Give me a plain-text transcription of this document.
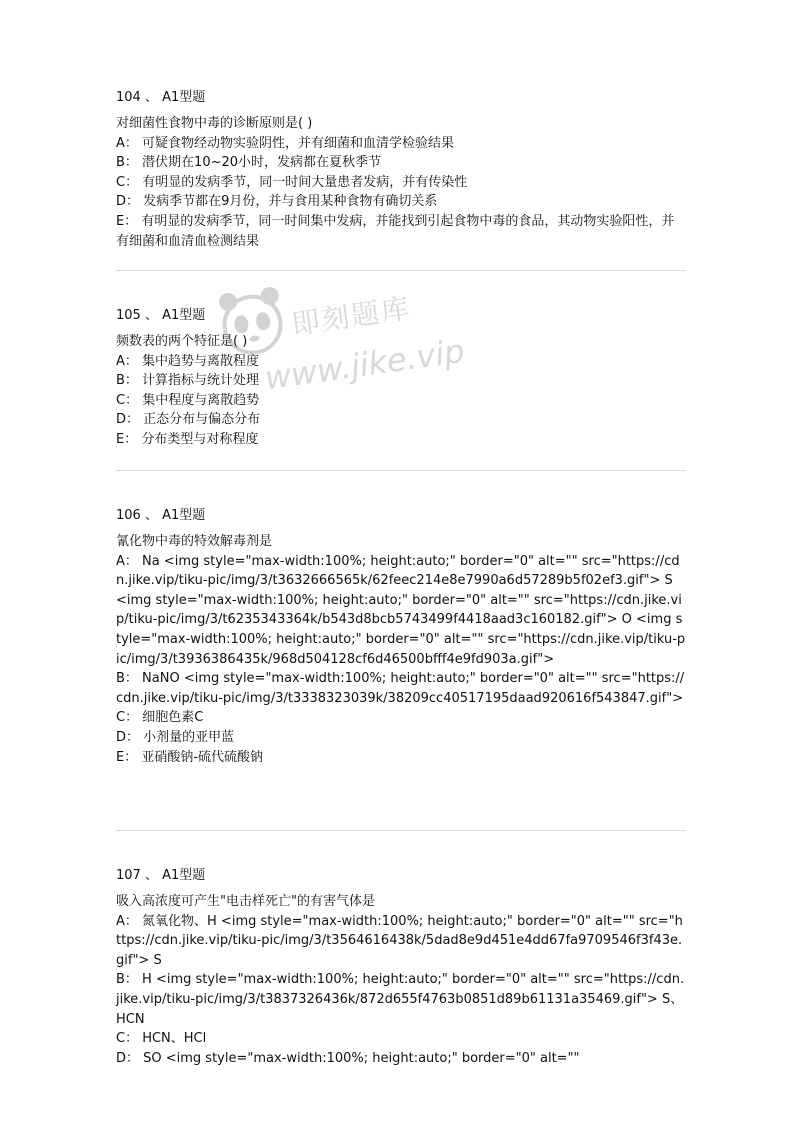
104 、 A1型题

对细菌性食物中毒的诊断原则是( )

A： 可疑食物经动物实验阴性，并有细菌和血清学检验结果

B： 潜伏期在10~20小时，发病都在夏秋季节

C： 有明显的发病季节，同一时间大量患者发病，并有传染性

D： 发病季节都在9月份，并与食用某种食物有确切关系

E： 有明显的发病季节，同一时间集中发病，并能找到引起食物中毒的食品，其动物实验阳性，并有细菌和血清血检测结果

105 、 A1型题

频数表的两个特征是( )

A： 集中趋势与离散程度

B： 计算指标与统计处理

C： 集中程度与离散趋势

D： 正态分布与偏态分布

E： 分布类型与对称程度

106 、 A1型题

氰化物中毒的特效解毒剂是

A： Na <img style="max-width:100%; height:auto;" border="0" alt="" src="https://cdn.jike.vip/tiku-pic/img/3/t3632666565k/62feec214e8e7990a6d57289b5f02ef3.gif"> S <img style="max-width:100%; height:auto;" border="0" alt="" src="https://cdn.jike.vip/tiku-pic/img/3/t6235343364k/b543d8bcb5743499f4418aad3c160182.gif"> O <img style="max-width:100%; height:auto;" border="0" alt="" src="https://cdn.jike.vip/tiku-pic/img/3/t3936386435k/968d504128cf6d46500bfff4e9fd903a.gif">

B： NaNO <img style="max-width:100%; height:auto;" border="0" alt="" src="https://cdn.jike.vip/tiku-pic/img/3/t3338323039k/38209cc40517195daad920616f543847.gif">

C： 细胞色素C

D： 小剂量的亚甲蓝

E： 亚硝酸钠-硫代硫酸钠

107 、 A1型题

吸入高浓度可产生"电击样死亡"的有害气体是

A： 氮氧化物、H <img style="max-width:100%; height:auto;" border="0" alt="" src="https://cdn.jike.vip/tiku-pic/img/3/t3564616438k/5dad8e9d451e4dd67fa9709546f3f43e.gif"> S

B： H <img style="max-width:100%; height:auto;" border="0" alt="" src="https://cdn.jike.vip/tiku-pic/img/3/t3837326436k/872d655f4763b0851d89b61131a35469.gif"> S、HCN

C： HCN、HCl

D： SO <img style="max-width:100%; height:auto;" border="0" alt=""

即刻题库
www.jike.vip
